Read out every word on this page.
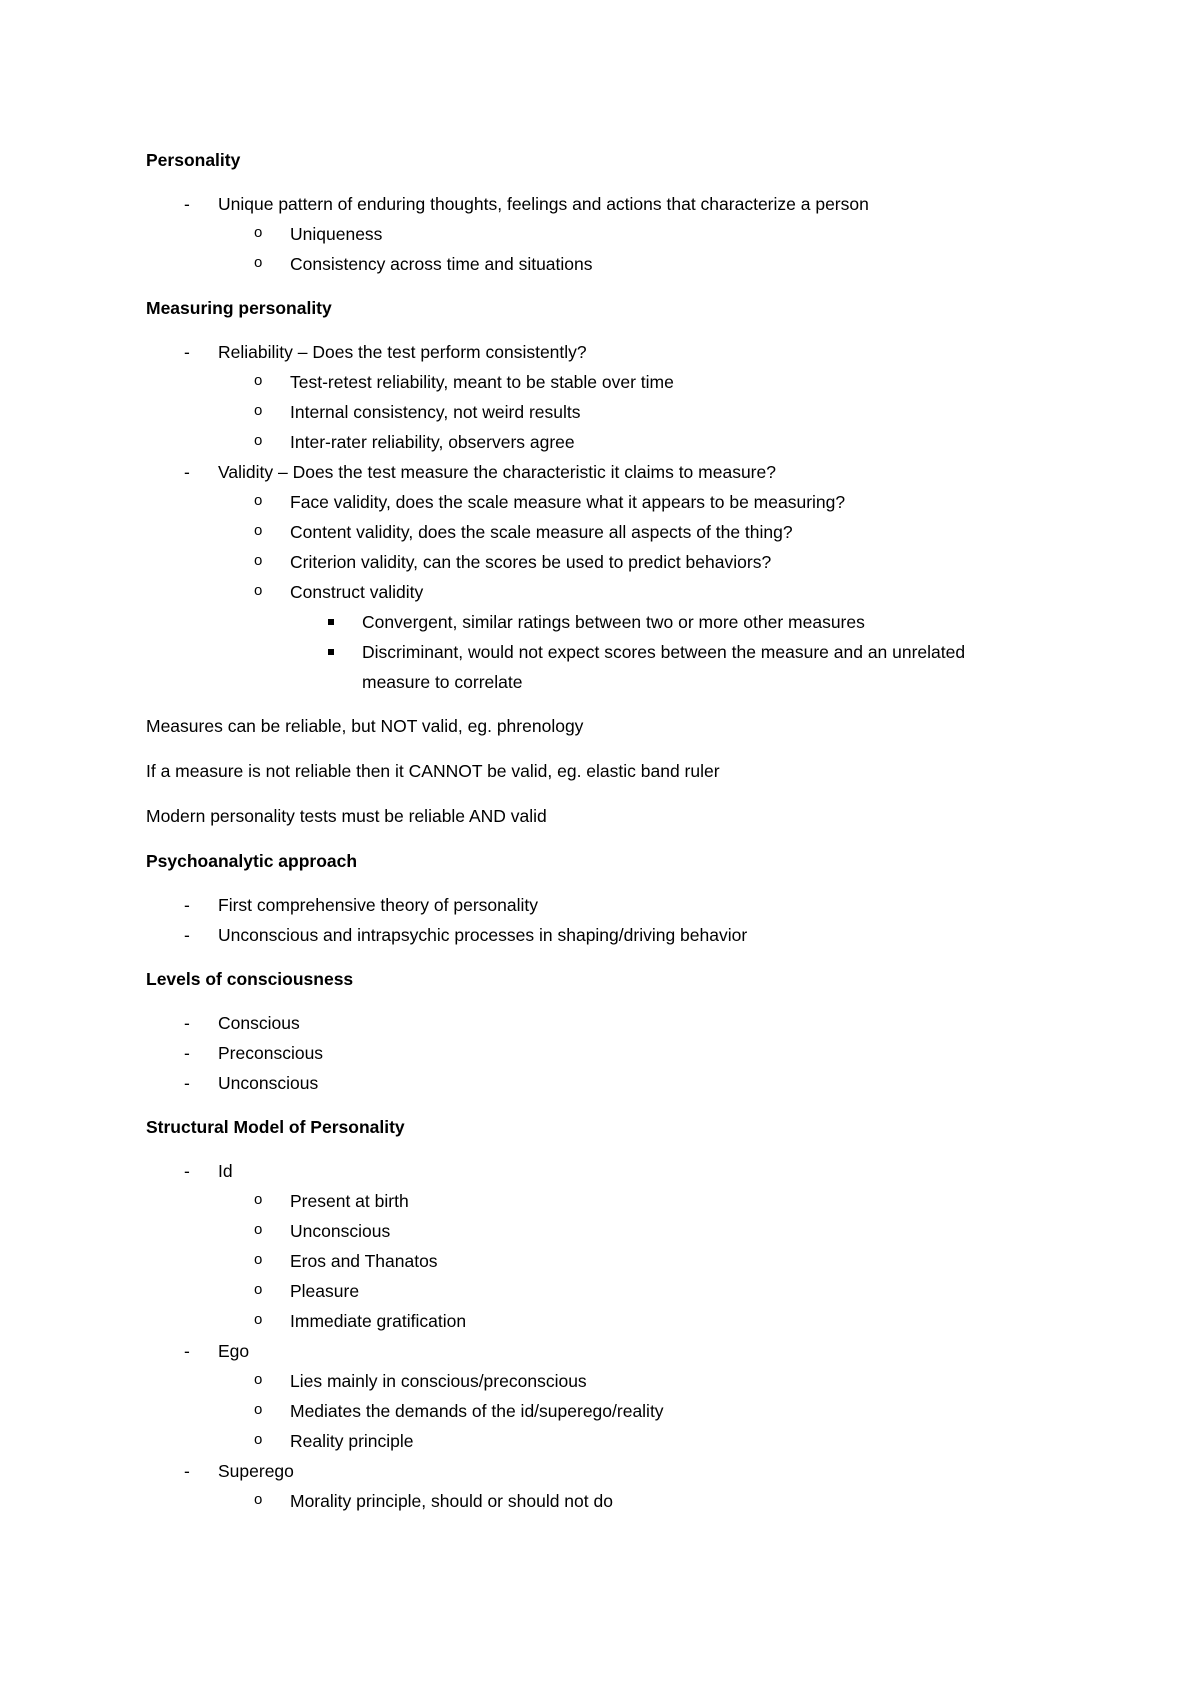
Personality
-	Unique pattern of enduring thoughts, feelings and actions that characterize a person
o	Uniqueness
o	Consistency across time and situations
Measuring personality
-	Reliability – Does the test perform consistently?
o	Test-retest reliability, meant to be stable over time
o	Internal consistency, not weird results
o	Inter-rater reliability, observers agree
-	Validity – Does the test measure the characteristic it claims to measure?
o	Face validity, does the scale measure what it appears to be measuring?
o	Content validity, does the scale measure all aspects of the thing?
o	Criterion validity, can the scores be used to predict behaviors?
o	Construct validity
Convergent, similar ratings between two or more other measures
Discriminant, would not expect scores between the measure and an unrelated measure to correlate
Measures can be reliable, but NOT valid, eg. phrenology
If a measure is not reliable then it CANNOT be valid, eg. elastic band ruler
Modern personality tests must be reliable AND valid
Psychoanalytic approach
-	First comprehensive theory of personality
-	Unconscious and intrapsychic processes in shaping/driving behavior
Levels of consciousness
-	Conscious
-	Preconscious
-	Unconscious
Structural Model of Personality
-	Id
o	Present at birth
o	Unconscious
o	Eros and Thanatos
o	Pleasure
o	Immediate gratification
-	Ego
o	Lies mainly in conscious/preconscious
o	Mediates the demands of the id/superego/reality
o	Reality principle
-	Superego
o	Morality principle, should or should not do
